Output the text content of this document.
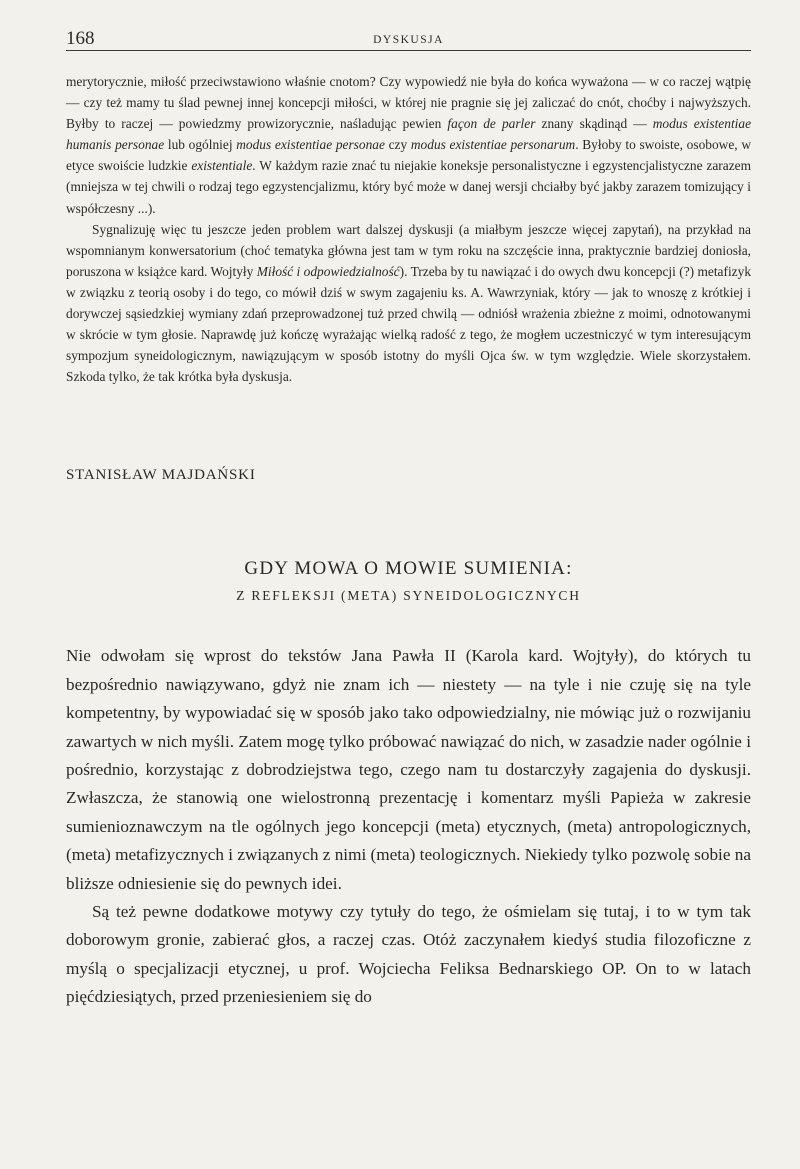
168	DYSKUSJA

merytorycznie, miłość przeciwstawiono właśnie cnotom? Czy wypowiedź nie była do końca wyważona — w co raczej wątpię — czy też mamy tu ślad pewnej innej koncepcji miłości, w której nie pragnie się jej zaliczać do cnót, choćby i najwyższych. Byłby to raczej — powiedzmy prowizorycznie, naśladując pewien façon de parler znany skądinąd — modus existentiae humanis personae lub ogólniej modus existentiae personae czy modus existentiae personarum. Byłoby to swoiste, osobowe, w etyce swoiście ludzkie existentiale. W każdym razie znać tu niejakie koneksje personalistyczne i egzystencjalistyczne zarazem (mniejsza w tej chwili o rodzaj tego egzystencjalizmu, który być może w danej wersji chciałby być jakby zarazem tomizujący i współczesny ...).

Sygnalizuję więc tu jeszcze jeden problem wart dalszej dyskusji (a miałbym jeszcze więcej zapytań), na przykład na wspomnianym konwersatorium (choć tematyka główna jest tam w tym roku na szczęście inna, praktycznie bardziej doniosła, poruszona w książce kard. Wojtyły Miłość i odpowiedzialność). Trzeba by tu nawiązać i do owych dwu koncepcji (?) metafizyk w związku z teorią osoby i do tego, co mówił dziś w swym zagajeniu ks. A. Wawrzyniak, który — jak to wnoszę z krótkiej i dorywczej sąsiedzkiej wymiany zdań przeprowadzonej tuż przed chwilą — odniósł wrażenia zbieżne z moimi, odnotowanymi w skrócie w tym głosie. Naprawdę już kończę wyrażając wielką radość z tego, że mogłem uczestniczyć w tym interesującym sympozjum syneidologicznym, nawiązującym w sposób istotny do myśli Ojca św. w tym względzie. Wiele skorzystałem. Szkoda tylko, że tak krótka była dyskusja.

STANISŁAW MAJDAŃSKI
GDY MOWA O MOWIE SUMIENIA:
Z REFLEKSJI (META) SYNEIDOLOGICZNYCH

Nie odwołam się wprost do tekstów Jana Pawła II (Karola kard. Wojtyły), do których tu bezpośrednio nawiązywano, gdyż nie znam ich — niestety — na tyle i nie czuję się na tyle kompetentny, by wypowiadać się w sposób jako tako odpowiedzialny, nie mówiąc już o rozwijaniu zawartych w nich myśli. Zatem mogę tylko próbować nawiązać do nich, w zasadzie nader ogólnie i pośrednio, korzystając z dobrodziejstwa tego, czego nam tu dostarczyły zagajenia do dyskusji. Zwłaszcza, że stanowią one wielostronną prezentację i komentarz myśli Papieża w zakresie sumienioznawczym na tle ogólnych jego koncepcji (meta) etycznych, (meta) antropologicznych, (meta) metafizycznych i związanych z nimi (meta) teologicznych. Niekiedy tylko pozwolę sobie na bliższe odniesienie się do pewnych idei.

Są też pewne dodatkowe motywy czy tytuły do tego, że ośmielam się tutaj, i to w tym tak doborowym gronie, zabierać głos, a raczej czas. Otóż zaczynałem kiedyś studia filozoficzne z myślą o specjalizacji etycznej, u prof. Wojciecha Feliksa Bednarskiego OP. On to w latach pięćdziesiątych, przed przeniesieniem się do
